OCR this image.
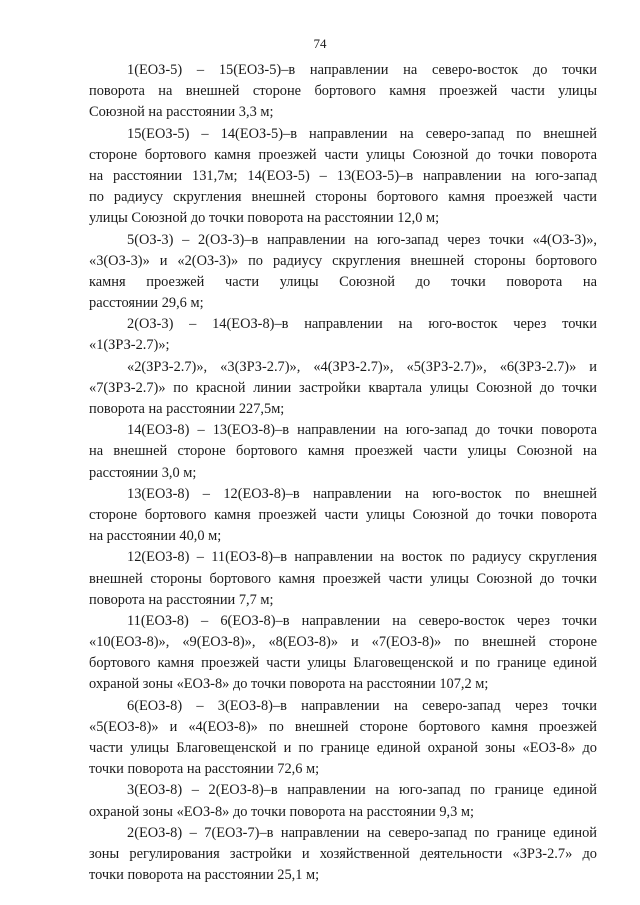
74
1(ЕОЗ-5) – 15(ЕОЗ-5)–в направлении на северо-восток до точки
поворота на внешней стороне бортового камня проезжей части улицы
Союзной на расстоянии 3,3 м;
15(ЕОЗ-5) – 14(ЕОЗ-5)–в направлении на северо-запад по внешней
стороне бортового камня проезжей части улицы Союзной до точки поворота
на расстоянии 131,7м; 14(ЕОЗ-5) – 13(ЕОЗ-5)–в направлении на юго-запад
по радиусу скругления внешней стороны бортового камня проезжей части
улицы Союзной до точки поворота на расстоянии 12,0 м;
5(ОЗ-3) – 2(ОЗ-3)–в направлении на юго-запад через точки «4(ОЗ-3)»,
«3(ОЗ-3)» и «2(ОЗ-3)» по радиусу скругления внешней стороны бортового
камня проезжей части улицы Союзной до точки поворота на
расстоянии 29,6 м;
2(ОЗ-3) – 14(ЕОЗ-8)–в направлении на юго-восток через точки
«1(ЗРЗ-2.7)»;
«2(ЗРЗ-2.7)», «3(ЗРЗ-2.7)», «4(ЗРЗ-2.7)», «5(ЗРЗ-2.7)», «6(ЗРЗ-2.7)» и
«7(ЗРЗ-2.7)» по красной линии застройки квартала улицы Союзной до точки
поворота на расстоянии 227,5м;
14(ЕОЗ-8) – 13(ЕОЗ-8)–в направлении на юго-запад до точки поворота
на внешней стороне бортового камня проезжей части улицы Союзной на
расстоянии 3,0 м;
13(ЕОЗ-8) – 12(ЕОЗ-8)–в направлении на юго-восток по внешней
стороне бортового камня проезжей части улицы Союзной до точки поворота
на расстоянии 40,0 м;
12(ЕОЗ-8) – 11(ЕОЗ-8)–в направлении на восток по радиусу скругления
внешней стороны бортового камня проезжей части улицы Союзной до точки
поворота на расстоянии 7,7 м;
11(ЕОЗ-8) – 6(ЕОЗ-8)–в направлении на северо-восток через точки
«10(ЕОЗ-8)», «9(ЕОЗ-8)», «8(ЕОЗ-8)» и «7(ЕОЗ-8)» по внешней стороне
бортового камня проезжей части улицы Благовещенской и по границе единой
охраной зоны «ЕОЗ-8» до точки поворота на расстоянии 107,2 м;
6(ЕОЗ-8) – 3(ЕОЗ-8)–в направлении на северо-запад через точки
«5(ЕОЗ-8)» и «4(ЕОЗ-8)» по внешней стороне бортового камня проезжей
части улицы Благовещенской и по границе единой охраной зоны «ЕОЗ-8» до
точки поворота на расстоянии 72,6 м;
3(ЕОЗ-8) – 2(ЕОЗ-8)–в направлении на юго-запад по границе единой
охраной зоны «ЕОЗ-8» до точки поворота на расстоянии 9,3 м;
2(ЕОЗ-8) – 7(ЕОЗ-7)–в направлении на северо-запад по границе единой
зоны регулирования застройки и хозяйственной деятельности «ЗРЗ-2.7» до
точки поворота на расстоянии 25,1 м;
